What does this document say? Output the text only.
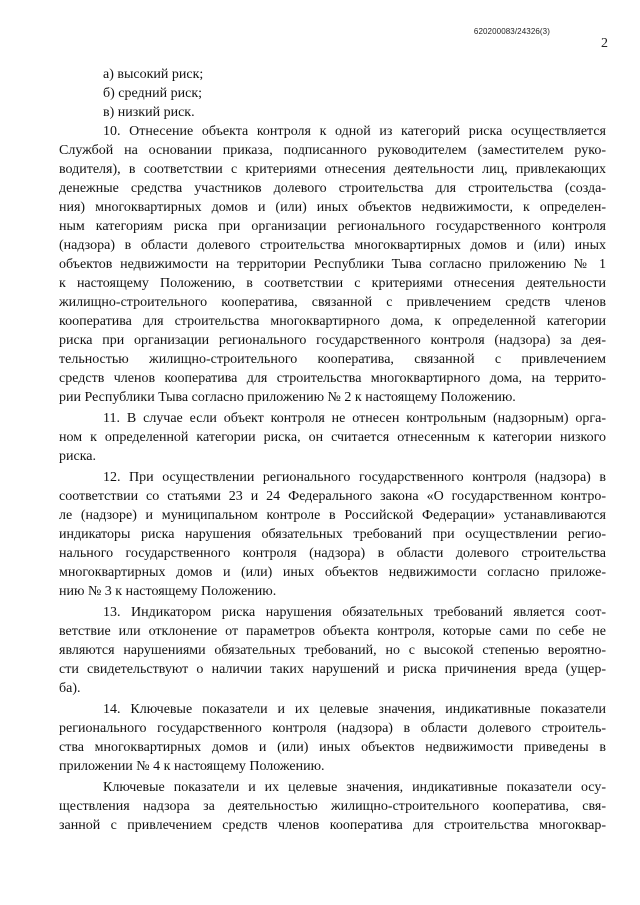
620200083/24326(3)
2
а) высокий риск;
б) средний риск;
в) низкий риск.
10. Отнесение объекта контроля к одной из категорий риска осуществляется
Службой на основании приказа, подписанного руководителем (заместителем руко-
водителя), в соответствии с критериями отнесения деятельности лиц, привлекающих
денежные средства участников долевого строительства для строительства (созда-
ния) многоквартирных домов и (или) иных объектов недвижимости, к определен-
ным категориям риска при организации регионального государственного контроля
(надзора) в области долевого строительства многоквартирных домов и (или) иных
объектов недвижимости на территории Республики Тыва согласно приложению № 1
к настоящему Положению, в соответствии с критериями отнесения деятельности
жилищно-строительного кооператива, связанной с привлечением средств членов
кооператива для строительства многоквартирного дома, к определенной категории
риска при организации регионального государственного контроля (надзора) за дея-
тельностью жилищно-строительного кооператива, связанной с привлечением
средств членов кооператива для строительства многоквартирного дома, на террито-
рии Республики Тыва согласно приложению № 2 к настоящему Положению.
11. В случае если объект контроля не отнесен контрольным (надзорным) орга-
ном к определенной категории риска, он считается отнесенным к категории низкого
риска.
12. При осуществлении регионального государственного контроля (надзора) в
соответствии со статьями 23 и 24 Федерального закона «О государственном контро-
ле (надзоре) и муниципальном контроле в Российской Федерации» устанавливаются
индикаторы риска нарушения обязательных требований при осуществлении регио-
нального государственного контроля (надзора) в области долевого строительства
многоквартирных домов и (или) иных объектов недвижимости согласно приложе-
нию № 3 к настоящему Положению.
13. Индикатором риска нарушения обязательных требований является соот-
ветствие или отклонение от параметров объекта контроля, которые сами по себе не
являются нарушениями обязательных требований, но с высокой степенью вероятно-
сти свидетельствуют о наличии таких нарушений и риска причинения вреда (ущер-
ба).
14. Ключевые показатели и их целевые значения, индикативные показатели
регионального государственного контроля (надзора) в области долевого строитель-
ства многоквартирных домов и (или) иных объектов недвижимости приведены в
приложении № 4 к настоящему Положению.
Ключевые показатели и их целевые значения, индикативные показатели осу-
ществления надзора за деятельностью жилищно-строительного кооператива, свя-
занной с привлечением средств членов кооператива для строительства многоквар-
